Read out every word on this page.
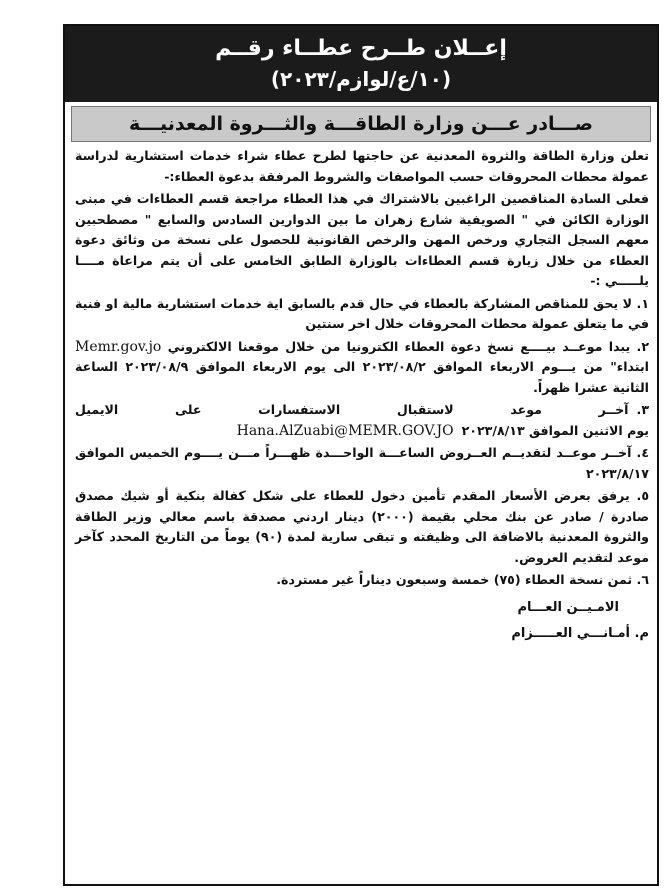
إعــلان طــرح عطــاء رقــم
(١٠/ع/لوازم/٢٠٢٣)
صـــادر عـــن وزارة الطاقـــة والثـــروة المعدنيـــة

تعلن وزارة الطاقة والثروة المعدنية عن حاجتها لطرح عطاء شراء خدمات استشارية لدراسة عمولة محطات المحروقات حسب المواصفات والشروط المرفقة بدعوة العطاء:-

فعلى السادة المناقصين الراغبين بالاشتراك في هذا العطاء مراجعة قسم العطاءات في مبنى الوزارة الكائن في " الصويفية شارع زهران ما بين الدوارين السادس والسابع " مصطحبين معهم السجل التجاري ورخص المهن والرخص القانونية للحصول على نسخة من وثائق دعوة العطاء من خلال زيارة قسم العطاءات بالوزارة الطابق الخامس على أن يتم مراعاة مــــا يلـــــي :-

١. لا يحق للمناقص المشاركة بالعطاء في حال قدم بالسابق اية خدمات استشارية مالية او فنية في ما يتعلق عمولة محطات المحروقات خلال اخر سنتين

٢. يبدا موعــد بيــــع نسخ دعوة العطاء الكترونيا من خلال موقعنا الالكتروني Memr.gov.jo ابتداء" من يـــوم الاربعاء الموافق ٢٠٢٣/٠٨/٢ الى يوم الاربعاء الموافق ٢٠٢٣/٠٨/٩ الساعة الثانية عشرا ظهراً.

٣.
آخــر موعد لاستقبال الاستفسارات على الايميل
يوم الاثنين الموافق ٢٠٢٣/٨/١٣
Hana.AlZuabi@MEMR.GOV.JO

٤. آخــر موعــد لتقديــم العــروض الساعـــة الواحـــدة ظهـــراً مـــن يــــوم الخميس الموافق ٢٠٢٣/٨/١٧

٥. يرفق بعرض الأسعار المقدم تأمين دخول للعطاء على شكل كفالة بنكية أو شيك مصدق صادرة / صادر عن بنك محلي بقيمة (٢٠٠٠) دينار اردني مصدقة باسم معالي وزير الطاقة والثروة المعدنية بالاضافة الى وظيفته و تبقى سارية لمدة (٩٠) يوماً من التاريخ المحدد كآخر موعد لتقديم العروض.

٦. ثمن نسخة العطاء (٧٥) خمسة وسبعون ديناراً غير مستردة.

الامـيــن العـــام
م. أمـانـــي العـــــزام
